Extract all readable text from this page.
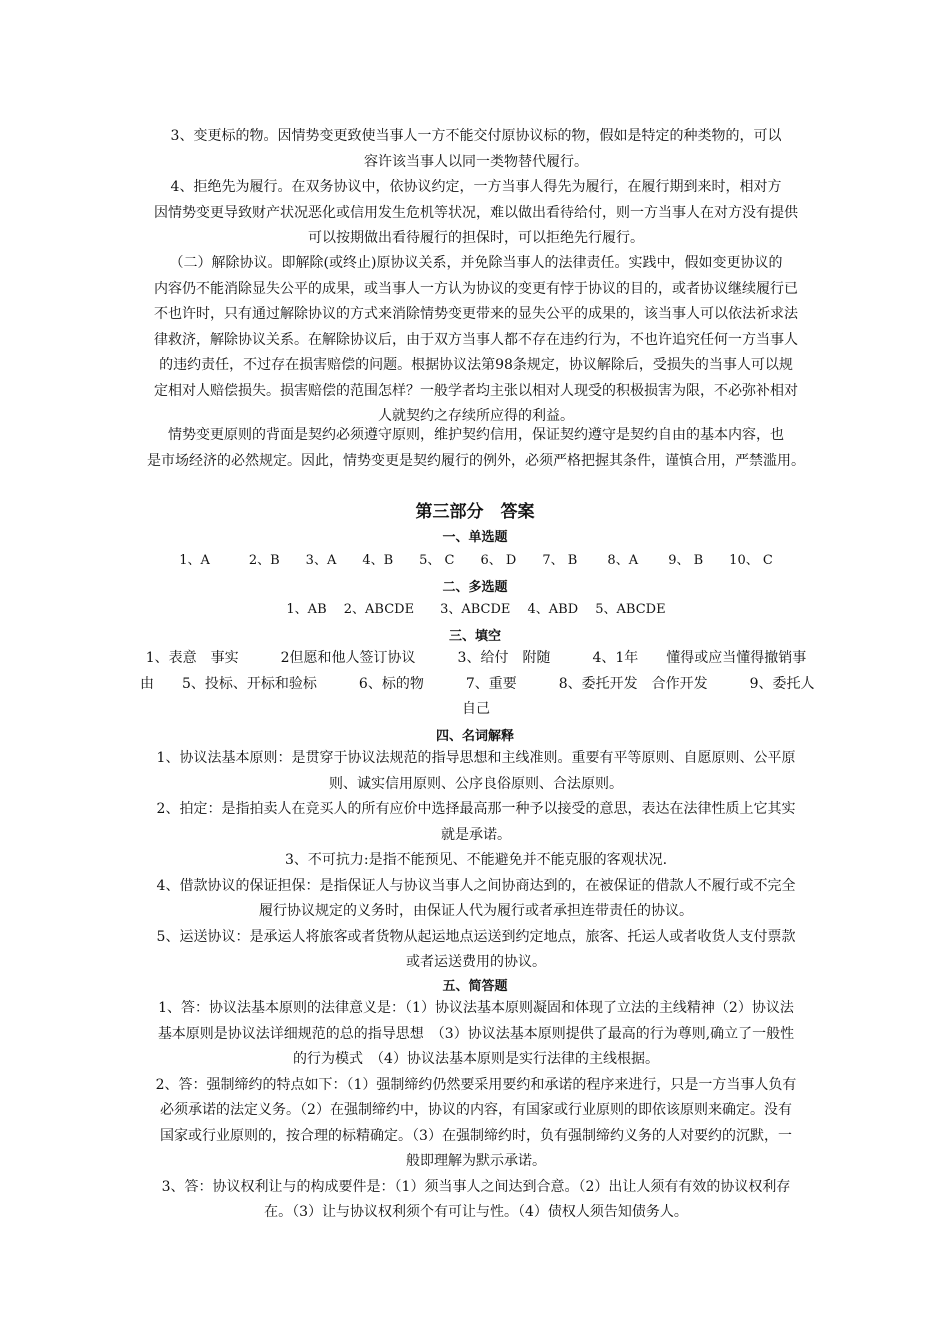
3、变更标的物。因情势变更致使当事人一方不能交付原协议标的物，假如是特定的种类物的，可以
容许该当事人以同一类物替代履行。
4、拒绝先为履行。在双务协议中，依协议约定，一方当事人得先为履行，在履行期到来时，相对方
因情势变更导致财产状况恶化或信用发生危机等状况，难以做出看待给付，则一方当事人在对方没有提供
可以按期做出看待履行的担保时，可以拒绝先行履行。
（二）解除协议。即解除(或终止)原协议关系，并免除当事人的法律责任。实践中，假如变更协议的
内容仍不能消除显失公平的成果，或当事人一方认为协议的变更有悖于协议的目的，或者协议继续履行已
不也许时，只有通过解除协议的方式来消除情势变更带来的显失公平的成果的，该当事人可以依法祈求法
律救济，解除协议关系。在解除协议后，由于双方当事人都不存在违约行为，不也许追究任何一方当事人
的违约责任，不过存在损害赔偿的问题。根据协议法第98条规定，协议解除后，受损失的当事人可以规
定相对人赔偿损失。损害赔偿的范围怎样？一般学者均主张以相对人现受的积极损害为限，不必弥补相对
人就契约之存续所应得的利益。
情势变更原则的背面是契约必须遵守原则，维护契约信用，保证契约遵守是契约自由的基本内容，也
是市场经济的必然规定。因此，情势变更是契约履行的例外，必须严格把握其条件，谨慎合用，严禁滥用。
第三部分　答案
一、单选题
1、A　　　2、B　　3、A　　4、B　　5、 C　　6、 D　　7、 B　　 8、A　　 9、 B　　10、 C
二、多选题
1、AB　 2、ABCDE　　3、ABCDE　 4、ABD　 5、ABCDE
三、填空
1、表意　事实　　　2但愿和他人签订协议　　　3、给付　附随　　　4、1年　　懂得或应当懂得撤销事
由　　5、投标、开标和验标　　　6、标的物　　　7、重要　　　8、委托开发　合作开发　　　9、委托人
自己
四、名词解释
1、协议法基本原则：是贯穿于协议法规范的指导思想和主线准则。重要有平等原则、自愿原则、公平原
则、诚实信用原则、公序良俗原则、合法原则。
2、拍定：是指拍卖人在竞买人的所有应价中选择最高那一种予以接受的意思，表达在法律性质上它其实
就是承诺。
3、不可抗力:是指不能预见、不能避免并不能克服的客观状况.
4、借款协议的保证担保：是指保证人与协议当事人之间协商达到的，在被保证的借款人不履行或不完全
履行协议规定的义务时，由保证人代为履行或者承担连带责任的协议。
5、运送协议：是承运人将旅客或者货物从起运地点运送到约定地点，旅客、托运人或者收货人支付票款
或者运送费用的协议。
五、简答题
1、答：协议法基本原则的法律意义是：（1）协议法基本原则凝固和体现了立法的主线精神（2）协议法
基本原则是协议法详细规范的总的指导思想　（3）协议法基本原则提供了最高的行为尊则,确立了一般性
的行为模式　（4）协议法基本原则是实行法律的主线根据。
2、答：强制缔约的特点如下：（1）强制缔约仍然要采用要约和承诺的程序来进行，只是一方当事人负有
必须承诺的法定义务。（2）在强制缔约中，协议的内容，有国家或行业原则的即依该原则来确定。没有
国家或行业原则的，按合理的标精确定。（3）在强制缔约时，负有强制缔约义务的人对要约的沉默，一
般即理解为默示承诺。
3、答：协议权利让与的构成要件是：（1）须当事人之间达到合意。（2）出让人须有有效的协议权利存
在。（3）让与协议权利须个有可让与性。（4）债权人须告知债务人。
